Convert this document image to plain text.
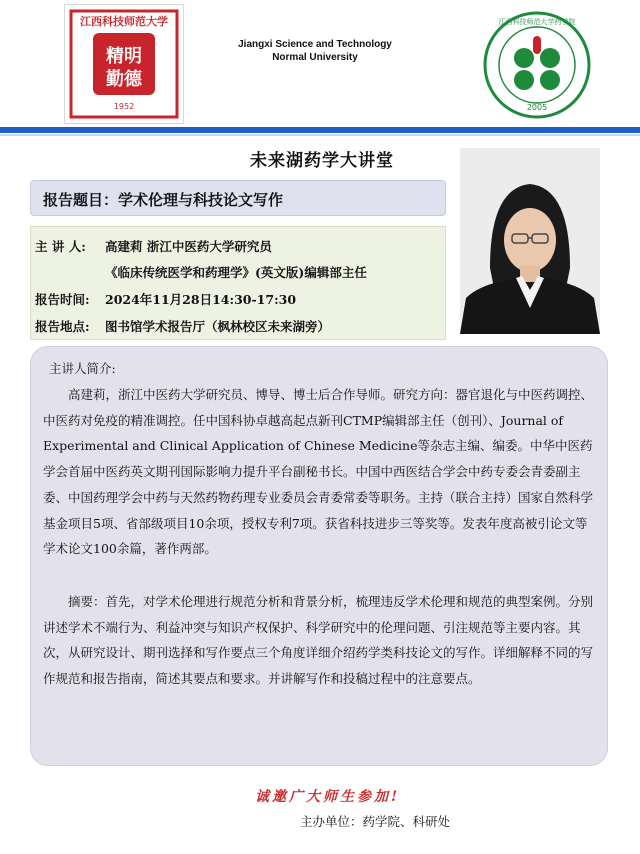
江西科技师范大学
精明
勤德
1952
Jiangxi Science and Technology
Normal University
江西科技师范大学药学院
2005
未来湖药学大讲堂
报告题目：学术伦理与科技论文写作
主 讲 人: 高建莉 浙江中医药大学研究员
《临床传统医学和药理学》(英文版)编辑部主任
报告时间: 2024年11月28日14:30-17:30
报告地点: 图书馆学术报告厅（枫林校区未来湖旁）
主讲人简介:

高建莉，浙江中医药大学研究员、博导、博士后合作导师。研究方向：器官退化与中医药调控、中医药对免疫的精准调控。任中国科协卓越高起点新刊CTMP编辑部主任（创刊）、Journal of Experimental and Clinical Application of Chinese Medicine等杂志主编、编委。中华中医药学会首届中医药英文期刊国际影响力提升平台副秘书长。中国中西医结合学会中药专委会青委副主委、中国药理学会中药与天然药物药理专业委员会青委常委等职务。主持（联合主持）国家自然科学基金项目5项、省部级项目10余项，授权专利7项。获省科技进步三等奖等。发表年度高被引论文等学术论文100余篇，著作两部。

摘要：首先，对学术伦理进行规范分析和背景分析，梳理违反学术伦理和规范的典型案例。分别讲述学术不端行为、利益冲突与知识产权保护、科学研究中的伦理问题、引注规范等主要内容。其次，从研究设计、期刊选择和写作要点三个角度详细介绍药学类科技论文的写作。详细解释不同的写作规范和报告指南，简述其要点和要求。并讲解写作和投稿过程中的注意要点。

诚邀广大师生参加!
主办单位：药学院、科研处
